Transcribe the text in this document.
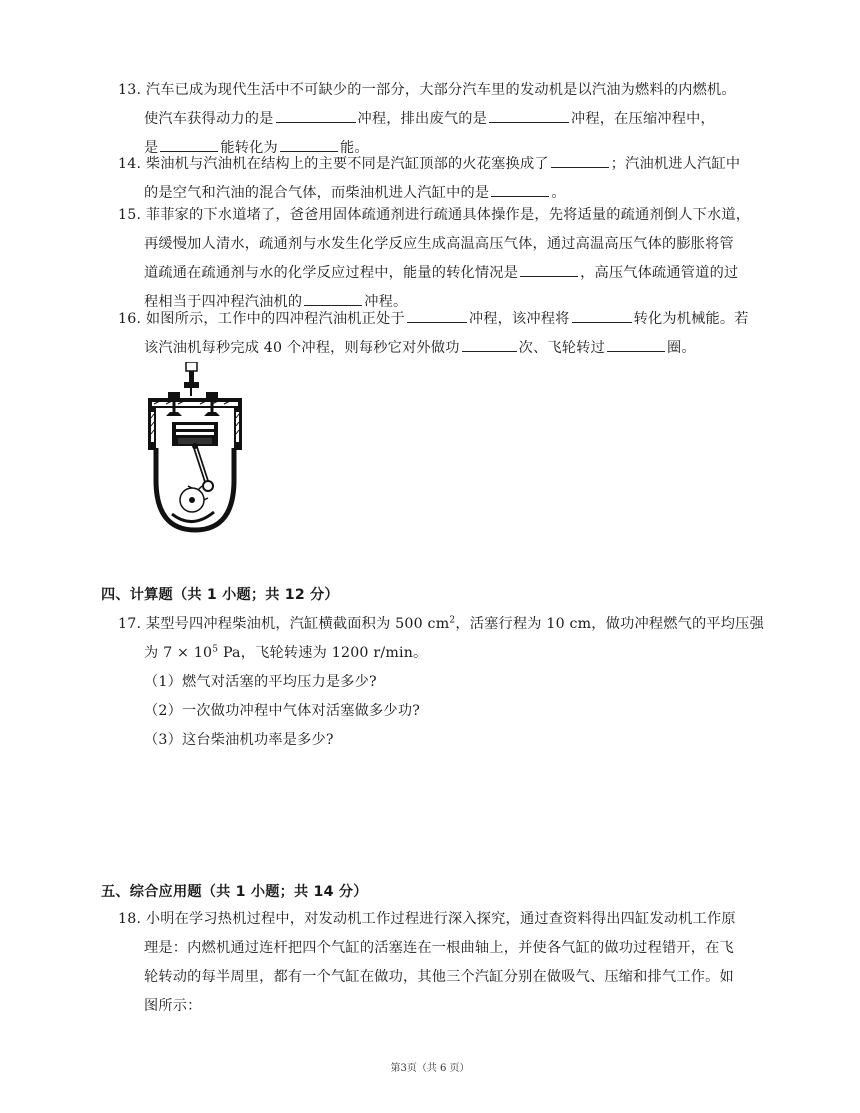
13. 汽车已成为现代生活中不可缺少的一部分，大部分汽车里的发动机是以汽油为燃料的内燃机。
使汽车获得动力的是	冲程，排出废气的是	冲程，在压缩冲程中，
是	能转化为	能。
14. 柴油机与汽油机在结构上的主要不同是汽缸顶部的火花塞换成了	；汽油机进人汽缸中
的是空气和汽油的混合气体，而柴油机进人汽缸中的是	。
15. 菲菲家的下水道堵了，爸爸用固体疏通剂进行疏通具体操作是，先将适量的疏通剂倒人下水道，
再缓慢加人清水，疏通剂与水发生化学反应生成高温高压气体，通过高温高压气体的膨胀将管
道疏通在疏通剂与水的化学反应过程中，能量的转化情况是	，高压气体疏通管道的过
程相当于四冲程汽油机的	冲程。
16. 如图所示，工作中的四冲程汽油机正处于	冲程，该冲程将	转化为机械能。若
该汽油机每秒完成 40 个冲程，则每秒它对外做功	次、飞轮转过	圈。
四、计算题（共 1 小题；共 12 分）
17. 某型号四冲程柴油机，汽缸横截面积为 500 $cm^2$，活塞行程为 10 cm，做功冲程燃气的平均压强
为 $7 \times 10^5$ Pa，飞轮转速为 1200 r/min。
（1）燃气对活塞的平均压力是多少?
（2）一次做功冲程中气体对活塞做多少功?
（3）这台柴油机功率是多少?
五、综合应用题（共 1 小题；共 14 分）
18. 小明在学习热机过程中，对发动机工作过程进行深入探究，通过查资料得出四缸发动机工作原
理是：内燃机通过连杆把四个气缸的活塞连在一根曲轴上，并使各气缸的做功过程错开，在飞
轮转动的每半周里，都有一个气缸在做功，其他三个汽缸分别在做吸气、压缩和排气工作。如
图所示：
第3页（共 6 页）
